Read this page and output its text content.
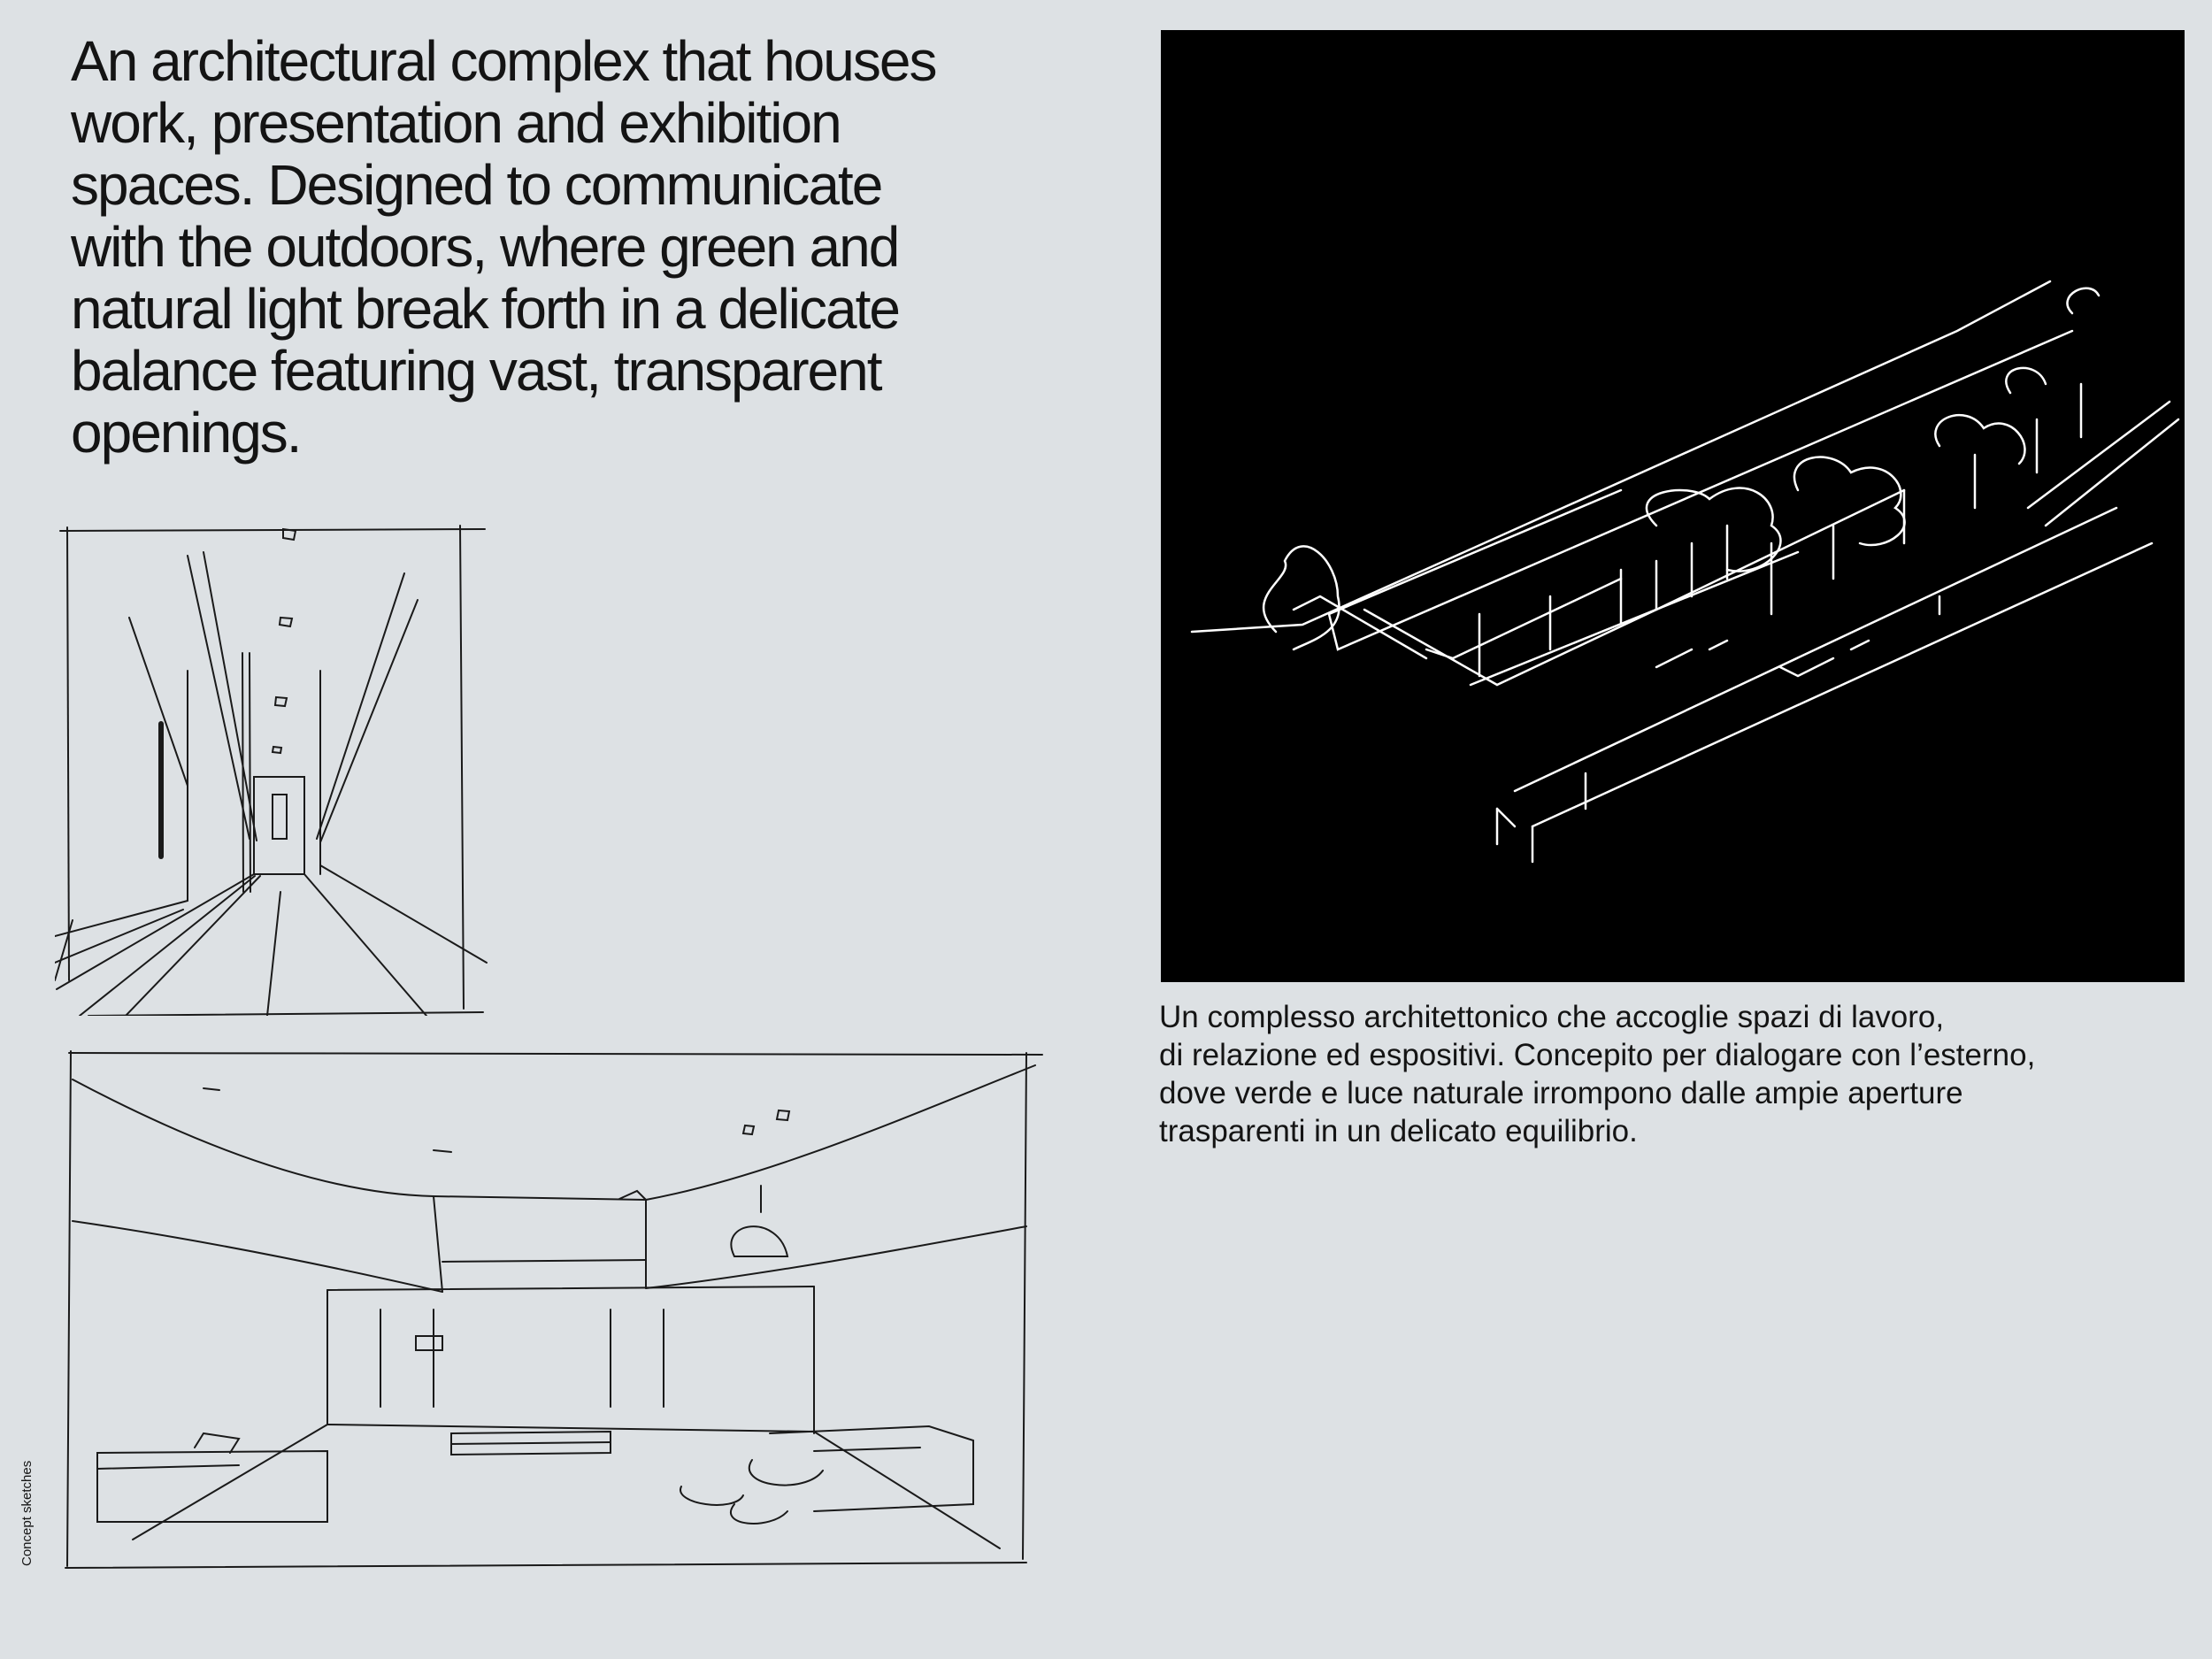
An architectural complex that houses
work, presentation and exhibition
spaces. Designed to communicate
with the outdoors, where green and
natural light break forth in a delicate
balance featuring vast, transparent
openings.
Un complesso architettonico che accoglie spazi di lavoro,
di relazione ed espositivi. Concepito per dialogare con l’esterno,
dove verde e luce naturale irrompono dalle ampie aperture
trasparenti in un delicato equilibrio.
Concept sketches
